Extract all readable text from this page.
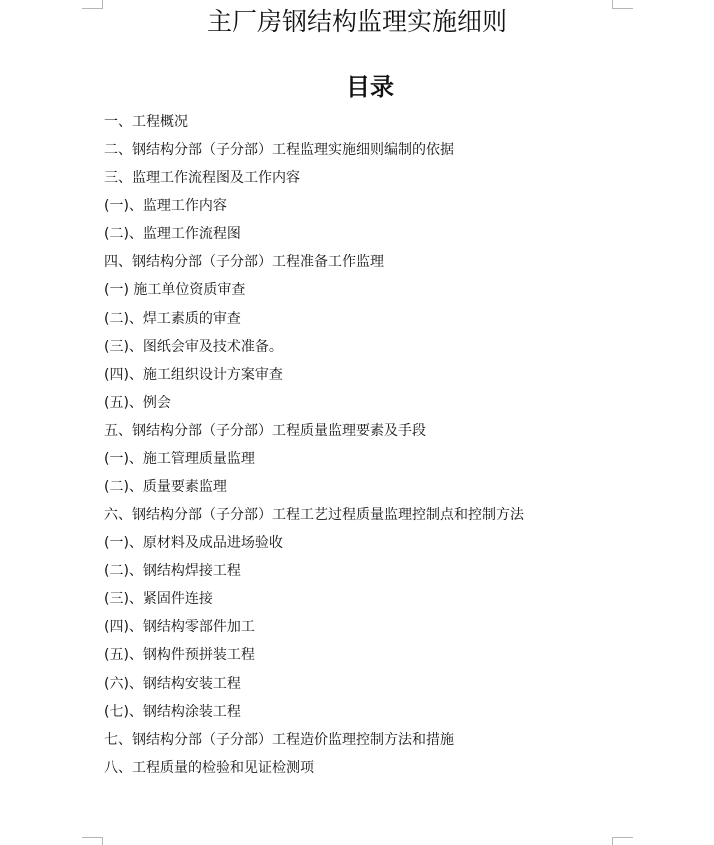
主厂房钢结构监理实施细则
目录
一、工程概况
二、钢结构分部（子分部）工程监理实施细则编制的依据
三、监理工作流程图及工作内容
(一)、监理工作内容
(二)、监理工作流程图
四、钢结构分部（子分部）工程准备工作监理
(一) 施工单位资质审查
(二)、焊工素质的审查
(三)、图纸会审及技术准备。
(四)、施工组织设计方案审查
(五)、例会
五、钢结构分部（子分部）工程质量监理要素及手段
(一)、施工管理质量监理
(二)、质量要素监理
六、钢结构分部（子分部）工程工艺过程质量监理控制点和控制方法
(一)、原材料及成品进场验收
(二)、钢结构焊接工程
(三)、紧固件连接
(四)、钢结构零部件加工
(五)、钢构件预拼装工程
(六)、钢结构安装工程
(七)、钢结构涂装工程
七、钢结构分部（子分部）工程造价监理控制方法和措施
八、工程质量的检验和见证检测项
